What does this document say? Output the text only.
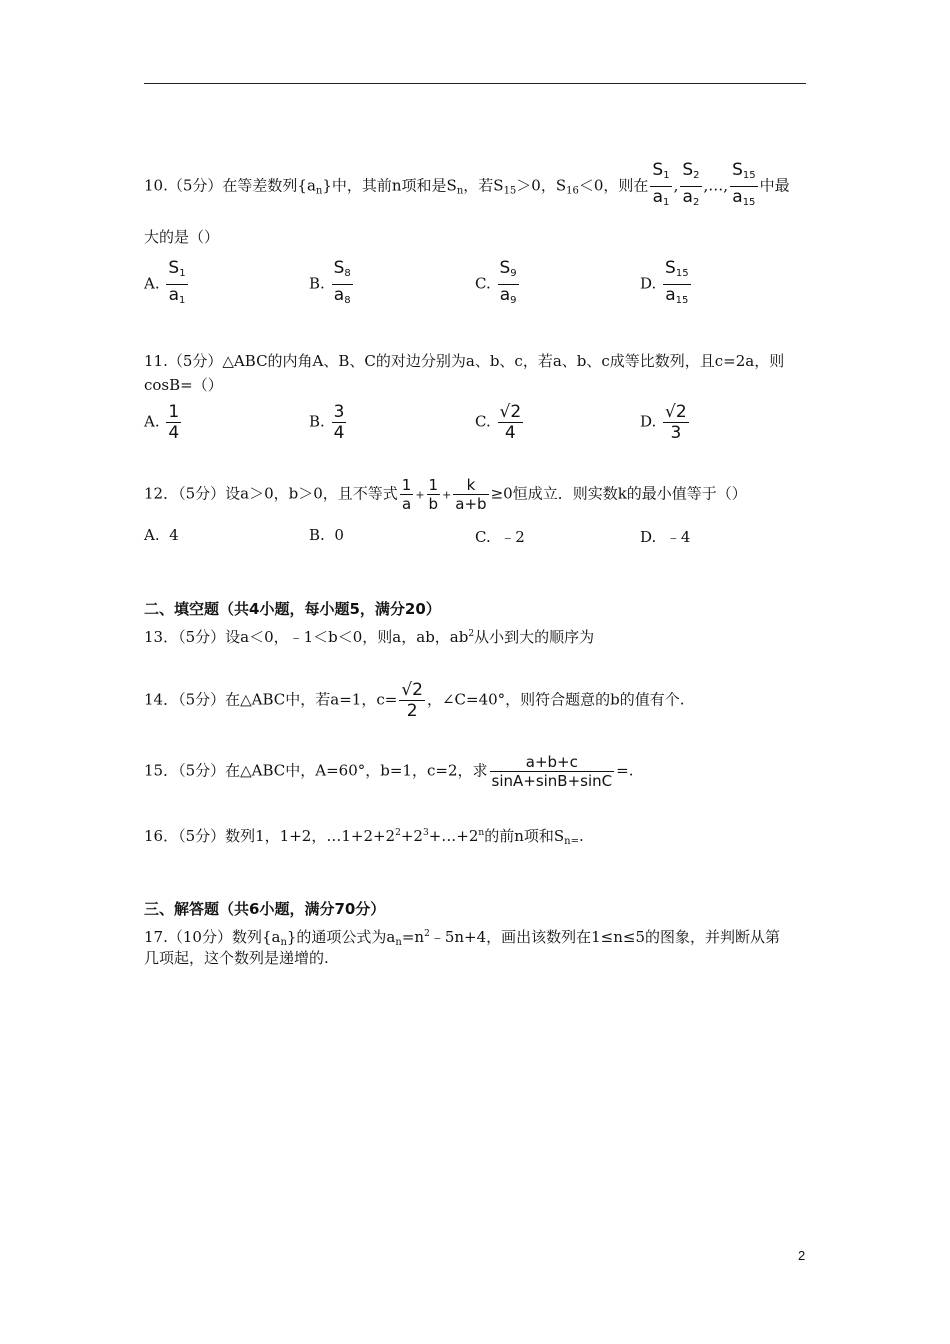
10.（5分）在等差数列$\{a_n\}$中，其前n项和是$S_n$，若$S_{15}>0$，$S_{16}<0$，则在 $\frac{S_1}{a_1}$ , $\frac{S_2}{a_2}$ ,…, $\frac{S_{15}}{a_{15}}$ 中最
大的是（）
A. $\frac{S_1}{a_1}$	B. $\frac{S_8}{a_8}$	C. $\frac{S_9}{a_9}$	D. $\frac{S_{15}}{a_{15}}$
11.（5分）△ABC的内角A、B、C的对边分别为a、b、c，若a、b、c成等比数列，且c=2a，则
cosB=（）
A. $\frac{1}{4}$	B. $\frac{3}{4}$	C. $\frac{√2}{4}$	D. $\frac{√2}{3}$
12．（5分）设a＞0，b＞0，且不等式 $\frac{1}{a} + \frac{1}{b} + \frac{k}{a+b} \ge 0$恒成立．则实数k的最小值等于（）
A. 4	B. 0	C. ﹣2	D. ﹣4
二、填空题（共4小题，每小题5，满分20）
13．（5分）设a＜0，﹣1＜b＜0，则a，ab，$ab^2$从小到大的顺序为
14．（5分）在△ABC中，若a=1，$c= \frac{√2}{2}$ ，∠C=40°，则符合题意的b的值有个.
15．（5分）在△ABC中，A=60°，b=1，c=2，求 $\frac{a+b+c}{\sin A+\sin B+\sin C}$ =.
16．（5分）数列1，1+2，$\dots 1+2+2^2+2^3+\dots+2^n$的前n项和$S_{n=}$.
三、解答题（共6小题，满分70分）
17.（10分）数列$\{a_n\}$的通项公式为$a_n=n^2﹣5n+4$，画出该数列在1≤n≤5的图象，并判断从第
几项起，这个数列是递增的.
2
